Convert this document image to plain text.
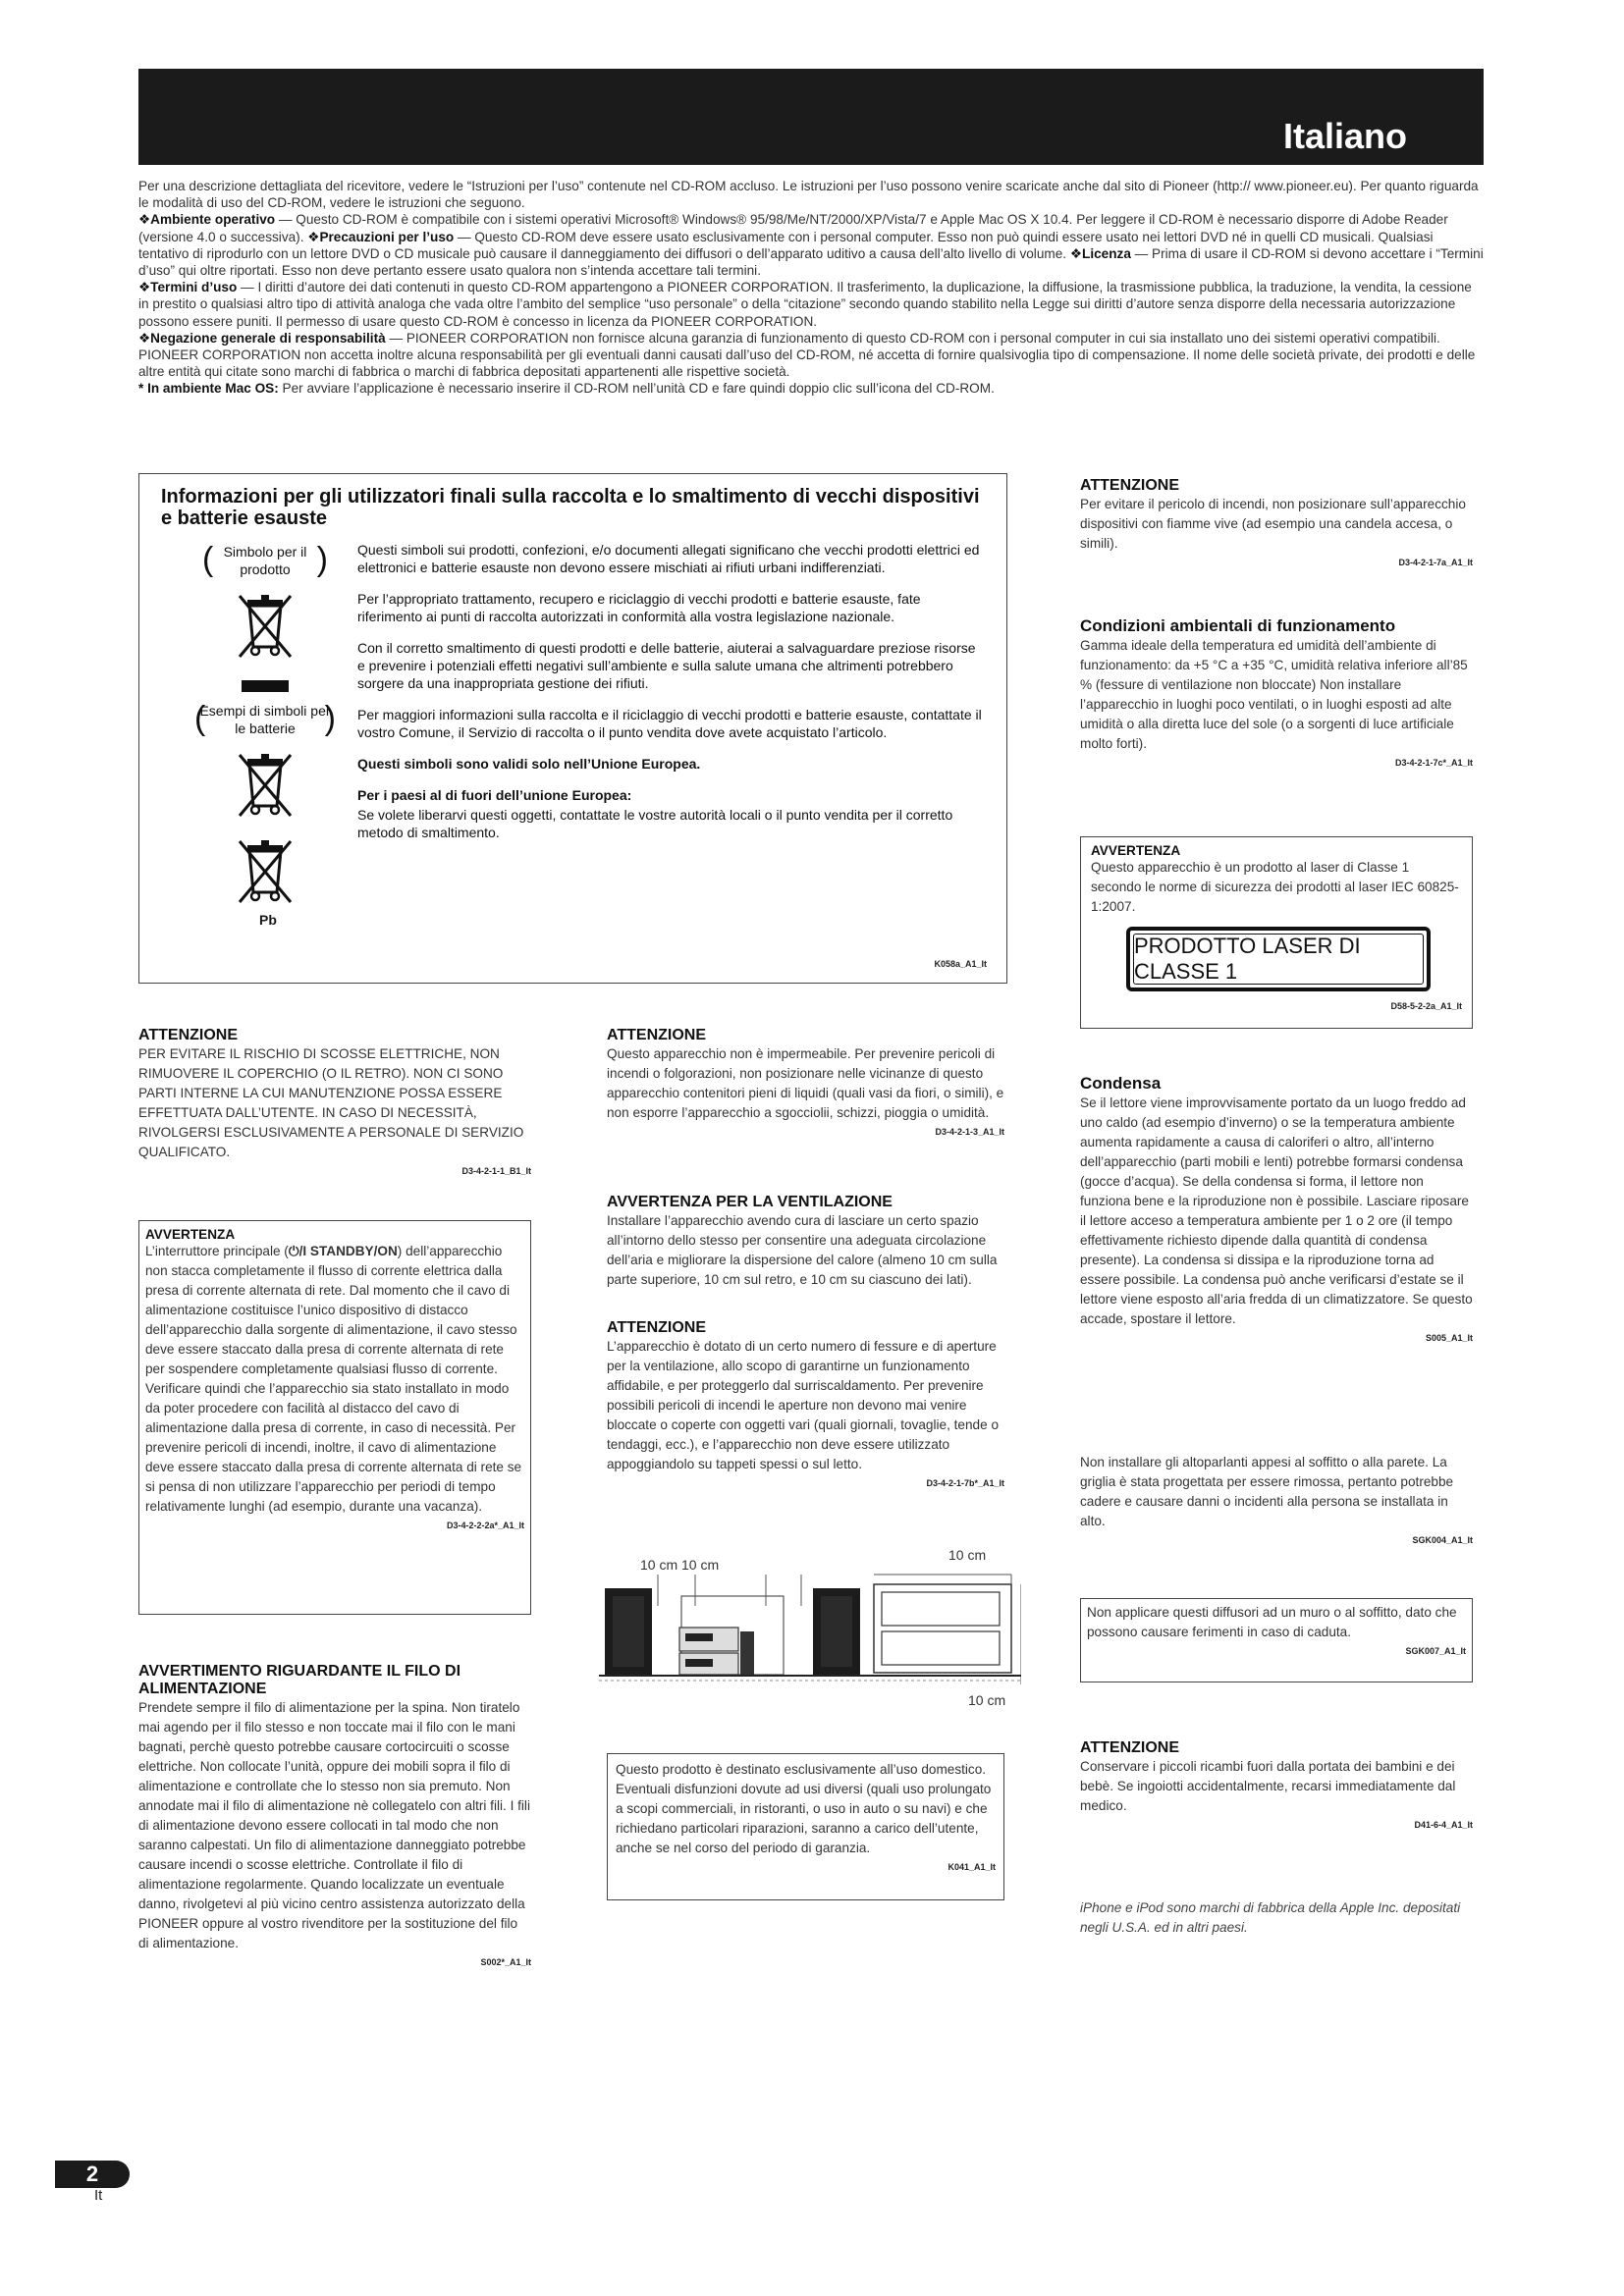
Italiano

Per una descrizione dettagliata del ricevitore, vedere le “Istruzioni per l’uso” contenute nel CD-ROM accluso. Le istruzioni per l’uso possono venire scaricate anche dal sito di Pioneer (http:// www.pioneer.eu). Per quanto riguarda le modalità di uso del CD-ROM, vedere le istruzioni che seguono.

❖Ambiente operativo — Questo CD-ROM è compatibile con i sistemi operativi Microsoft® Windows® 95/98/Me/NT/2000/XP/Vista/7 e Apple Mac OS X 10.4. Per leggere il CD-ROM è necessario disporre di Adobe Reader (versione 4.0 o successiva). ❖Precauzioni per l’uso — Questo CD-ROM deve essere usato esclusivamente con i personal computer. Esso non può quindi essere usato nei lettori DVD né in quelli CD musicali. Qualsiasi tentativo di riprodurlo con un lettore DVD o CD musicale può causare il danneggiamento dei diffusori o dell’apparato uditivo a causa dell’alto livello di volume. ❖Licenza — Prima di usare il CD-ROM si devono accettare i “Termini d’uso” qui oltre riportati. Esso non deve pertanto essere usato qualora non s’intenda accettare tali termini.

❖Termini d’uso — I diritti d’autore dei dati contenuti in questo CD-ROM appartengono a PIONEER CORPORATION. Il trasferimento, la duplicazione, la diffusione, la trasmissione pubblica, la traduzione, la vendita, la cessione in prestito o qualsiasi altro tipo di attività analoga che vada oltre l’ambito del semplice “uso personale” o della “citazione” secondo quando stabilito nella Legge sui diritti d’autore senza disporre della necessaria autorizzazione possono essere puniti. Il permesso di usare questo CD-ROM è concesso in licenza da PIONEER CORPORATION.

❖Negazione generale di responsabilità — PIONEER CORPORATION non fornisce alcuna garanzia di funzionamento di questo CD-ROM con i personal computer in cui sia installato uno dei sistemi operativi compatibili. PIONEER CORPORATION non accetta inoltre alcuna responsabilità per gli eventuali danni causati dall’uso del CD-ROM, né accetta di fornire qualsivoglia tipo di compensazione. Il nome delle società private, dei prodotti e delle altre entità qui citate sono marchi di fabbrica o marchi di fabbrica depositati appartenenti alle rispettive società.

* In ambiente Mac OS: Per avviare l’applicazione è necessario inserire il CD-ROM nell’unità CD e fare quindi doppio clic sull’icona del CD-ROM.

Informazioni per gli utilizzatori finali sulla raccolta e lo smaltimento di vecchi dispositivi e batterie esauste

( Simbolo per il prodotto )
( Esempi di simboli per le batterie )
Pb

Questi simboli sui prodotti, confezioni, e/o documenti allegati significano che vecchi prodotti elettrici ed elettronici e batterie esauste non devono essere mischiati ai rifiuti urbani indifferenziati.

Per l’appropriato trattamento, recupero e riciclaggio di vecchi prodotti e batterie esauste, fate riferimento ai punti di raccolta autorizzati in conformità alla vostra legislazione nazionale.

Con il corretto smaltimento di questi prodotti e delle batterie, aiuterai a salvaguardare preziose risorse e prevenire i potenziali effetti negativi sull’ambiente e sulla salute umana che altrimenti potrebbero sorgere da una inappropriata gestione dei rifiuti.

Per maggiori informazioni sulla raccolta e il riciclaggio di vecchi prodotti e batterie esauste, contattate il vostro Comune, il Servizio di raccolta o il punto vendita dove avete acquistato l’articolo.

Questi simboli sono validi solo nell’Unione Europea.

Per i paesi al di fuori dell’unione Europea:

Se volete liberarvi questi oggetti, contattate le vostre autorità locali o il punto vendita per il corretto metodo di smaltimento.

K058a_A1_It

ATTENZIONE

Per evitare il pericolo di incendi, non posizionare sull’apparecchio dispositivi con fiamme vive (ad esempio una candela accesa, o simili).

D3-4-2-1-7a_A1_It

Condizioni ambientali di funzionamento

Gamma ideale della temperatura ed umidità dell’ambiente di funzionamento: da +5 °C a +35 °C, umidità relativa inferiore all’85 % (fessure di ventilazione non bloccate) Non installare l’apparecchio in luoghi poco ventilati, o in luoghi esposti ad alte umidità o alla diretta luce del sole (o a sorgenti di luce artificiale molto forti).

D3-4-2-1-7c*_A1_It

AVVERTENZA

Questo apparecchio è un prodotto al laser di Classe 1 secondo le norme di sicurezza dei prodotti al laser IEC 60825-1:2007.

PRODOTTO LASER DI CLASSE 1
D58-5-2-2a_A1_It

Condensa

Se il lettore viene improvvisamente portato da un luogo freddo ad uno caldo (ad esempio d’inverno) o se la temperatura ambiente aumenta rapidamente a causa di caloriferi o altro, all’interno dell’apparecchio (parti mobili e lenti) potrebbe formarsi condensa (gocce d’acqua). Se della condensa si forma, il lettore non funziona bene e la riproduzione non è possibile. Lasciare riposare il lettore acceso a temperatura ambiente per 1 o 2 ore (il tempo effettivamente richiesto dipende dalla quantità di condensa presente). La condensa si dissipa e la riproduzione torna ad essere possibile. La condensa può anche verificarsi d’estate se il lettore viene esposto all’aria fredda di un climatizzatore. Se questo accade, spostare il lettore.

S005_A1_It

Non installare gli altoparlanti appesi al soffitto o alla parete. La griglia è stata progettata per essere rimossa, pertanto potrebbe cadere e causare danni o incidenti alla persona se installata in alto.

SGK004_A1_It

Non applicare questi diffusori ad un muro o al soffitto, dato che possono causare ferimenti in caso di caduta.

SGK007_A1_It

ATTENZIONE

Conservare i piccoli ricambi fuori dalla portata dei bambini e dei bebè. Se ingoiotti accidentalmente, recarsi immediatamente dal medico.

D41-6-4_A1_It
iPhone e iPod sono marchi di fabbrica della Apple Inc. depositati negli U.S.A. ed in altri paesi.

ATTENZIONE

PER EVITARE IL RISCHIO DI SCOSSE ELETTRICHE, NON RIMUOVERE IL COPERCHIO (O IL RETRO). NON CI SONO PARTI INTERNE LA CUI MANUTENZIONE POSSA ESSERE EFFETTUATA DALL’UTENTE. IN CASO DI NECESSITÀ, RIVOLGERSI ESCLUSIVAMENTE A PERSONALE DI SERVIZIO QUALIFICATO.

D3-4-2-1-1_B1_It

AVVERTENZA

L’interruttore principale (⏻/I STANDBY/ON) dell’apparecchio non stacca completamente il flusso di corrente elettrica dalla presa di corrente alternata di rete. Dal momento che il cavo di alimentazione costituisce l’unico dispositivo di distacco dell’apparecchio dalla sorgente di alimentazione, il cavo stesso deve essere staccato dalla presa di corrente alternata di rete per sospendere completamente qualsiasi flusso di corrente. Verificare quindi che l’apparecchio sia stato installato in modo da poter procedere con facilità al distacco del cavo di alimentazione dalla presa di corrente, in caso di necessità. Per prevenire pericoli di incendi, inoltre, il cavo di alimentazione deve essere staccato dalla presa di corrente alternata di rete se si pensa di non utilizzare l’apparecchio per periodi di tempo relativamente lunghi (ad esempio, durante una vacanza).

D3-4-2-2-2a*_A1_It

AVVERTIMENTO RIGUARDANTE IL FILO DI ALIMENTAZIONE

Prendete sempre il filo di alimentazione per la spina. Non tiratelo mai agendo per il filo stesso e non toccate mai il filo con le mani bagnati, perchè questo potrebbe causare cortocircuiti o scosse elettriche. Non collocate l’unità, oppure dei mobili sopra il filo di alimentazione e controllate che lo stesso non sia premuto. Non annodate mai il filo di alimentazione nè collegatelo con altri fili. I fili di alimentazione devono essere collocati in tal modo che non saranno calpestati. Un filo di alimentazione danneggiato potrebbe causare incendi o scosse elettriche. Controllate il filo di alimentazione regolarmente. Quando localizzate un eventuale danno, rivolgetevi al più vicino centro assistenza autorizzato della PIONEER oppure al vostro rivenditore per la sostituzione del filo di alimentazione.

S002*_A1_It

ATTENZIONE

Questo apparecchio non è impermeabile. Per prevenire pericoli di incendi o folgorazioni, non posizionare nelle vicinanze di questo apparecchio contenitori pieni di liquidi (quali vasi da fiori, o simili), e non esporre l’apparecchio a sgocciolii, schizzi, pioggia o umidità.

D3-4-2-1-3_A1_It

AVVERTENZA PER LA VENTILAZIONE

Installare l’apparecchio avendo cura di lasciare un certo spazio all’intorno dello stesso per consentire una adeguata circolazione dell’aria e migliorare la dispersione del calore (almeno 10 cm sulla parte superiore, 10 cm sul retro, e 10 cm su ciascuno dei lati).

ATTENZIONE

L’apparecchio è dotato di un certo numero di fessure e di aperture per la ventilazione, allo scopo di garantirne un funzionamento affidabile, e per proteggerlo dal surriscaldamento. Per prevenire possibili pericoli di incendi le aperture non devono mai venire bloccate o coperte con oggetti vari (quali giornali, tovaglie, tende o tendaggi, ecc.), e l’apparecchio non deve essere utilizzato appoggiandolo su tappeti spessi o sul letto.

D3-4-2-1-7b*_A1_It
10 cm 10 cm
10 cm
10 cm

Questo prodotto è destinato esclusivamente all’uso domestico. Eventuali disfunzioni dovute ad usi diversi (quali uso prolungato a scopi commerciali, in ristoranti, o uso in auto o su navi) e che richiedano particolari riparazioni, saranno a carico dell’utente, anche se nel corso del periodo di garanzia.

K041_A1_It
2
It
